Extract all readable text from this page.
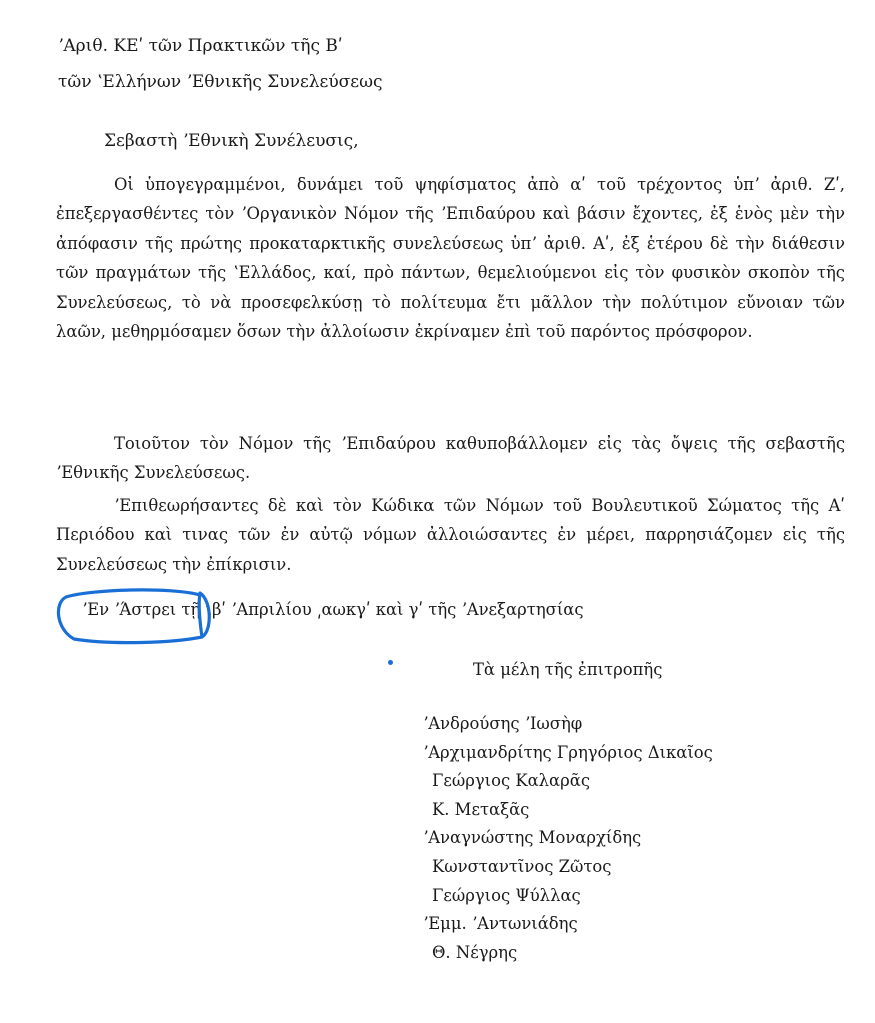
ʼΑριθ. ΚΕʹ τῶν Πρακτικῶν τῆς Βʹ
τῶν ʽΕλλήνων ʼΕθνικῆς Συνελεύσεως
Σεβαστὴ ʼΕθνικὴ Συνέλευσις,

Οἱ ὑπογεγραμμένοι, δυνάμει τοῦ ψηφίσματος ἀπὸ αʹ τοῦ τρέχοντος ὑπʼ ἀριθ. Ζʹ, ἐπεξεργασθέντες τὸν ʼΟργανικὸν Νόμον τῆς ʼΕπιδαύρου καὶ βάσιν ἔχοντες, ἐξ ἑνὸς μὲν τὴν ἀπόφασιν τῆς πρώτης προκαταρκτικῆς συνελεύσεως ὑπʼ ἀριθ. Αʹ, ἐξ ἑτέρου δὲ τὴν διάθεσιν τῶν πραγμάτων τῆς ʽΕλλάδος, καί, πρὸ πάντων, θεμελιούμενοι εἰς τὸν φυσικὸν σκοπὸν τῆς Συνελεύσεως, τὸ νὰ προσεφελκύσῃ τὸ πολίτευμα ἔτι μᾶλλον τὴν πολύτιμον εὔνοιαν τῶν λαῶν, μεθηρμόσαμεν ὅσων τὴν ἀλλοίωσιν ἐκρίναμεν ἐπὶ τοῦ παρόντος πρόσφορον.

Τοιοῦτον τὸν Νόμον τῆς ʼΕπιδαύρου καθυποβάλλομεν εἰς τὰς ὄψεις τῆς σεβαστῆς ʼΕθνικῆς Συνελεύσεως.

ʼΕπιθεωρήσαντες δὲ καὶ τὸν Κώδικα τῶν Νόμων τοῦ Βουλευτικοῦ Σώματος τῆς Αʹ Περιόδου καὶ τινας τῶν ἐν αὐτῷ νόμων ἀλλοιώσαντες ἐν μέρει, παρρησιάζομεν εἰς τῆς Συνελεύσεως τὴν ἐπίκρισιν.

ʼΕν ʼΆστρει τῇ ιβʹ ʼΑπριλίου ͵αωκγʹ καὶ γʹ τῆς ʼΑνεξαρτησίας
Τὰ μέλη τῆς ἐπιτροπῆς
ʼΑνδρούσης ʼΙωσὴφ
ʼΑρχιμανδρίτης Γρηγόριος Δικαῖος
Γεώργιος Καλαρᾶς
Κ. Μεταξᾶς
ʼΑναγνώστης Μοναρχίδης
Κωνσταντῖνος Ζῶτος
Γεώργιος Ψύλλας
ʼΕμμ. ʼΑντωνιάδης
Θ. Νέγρης
